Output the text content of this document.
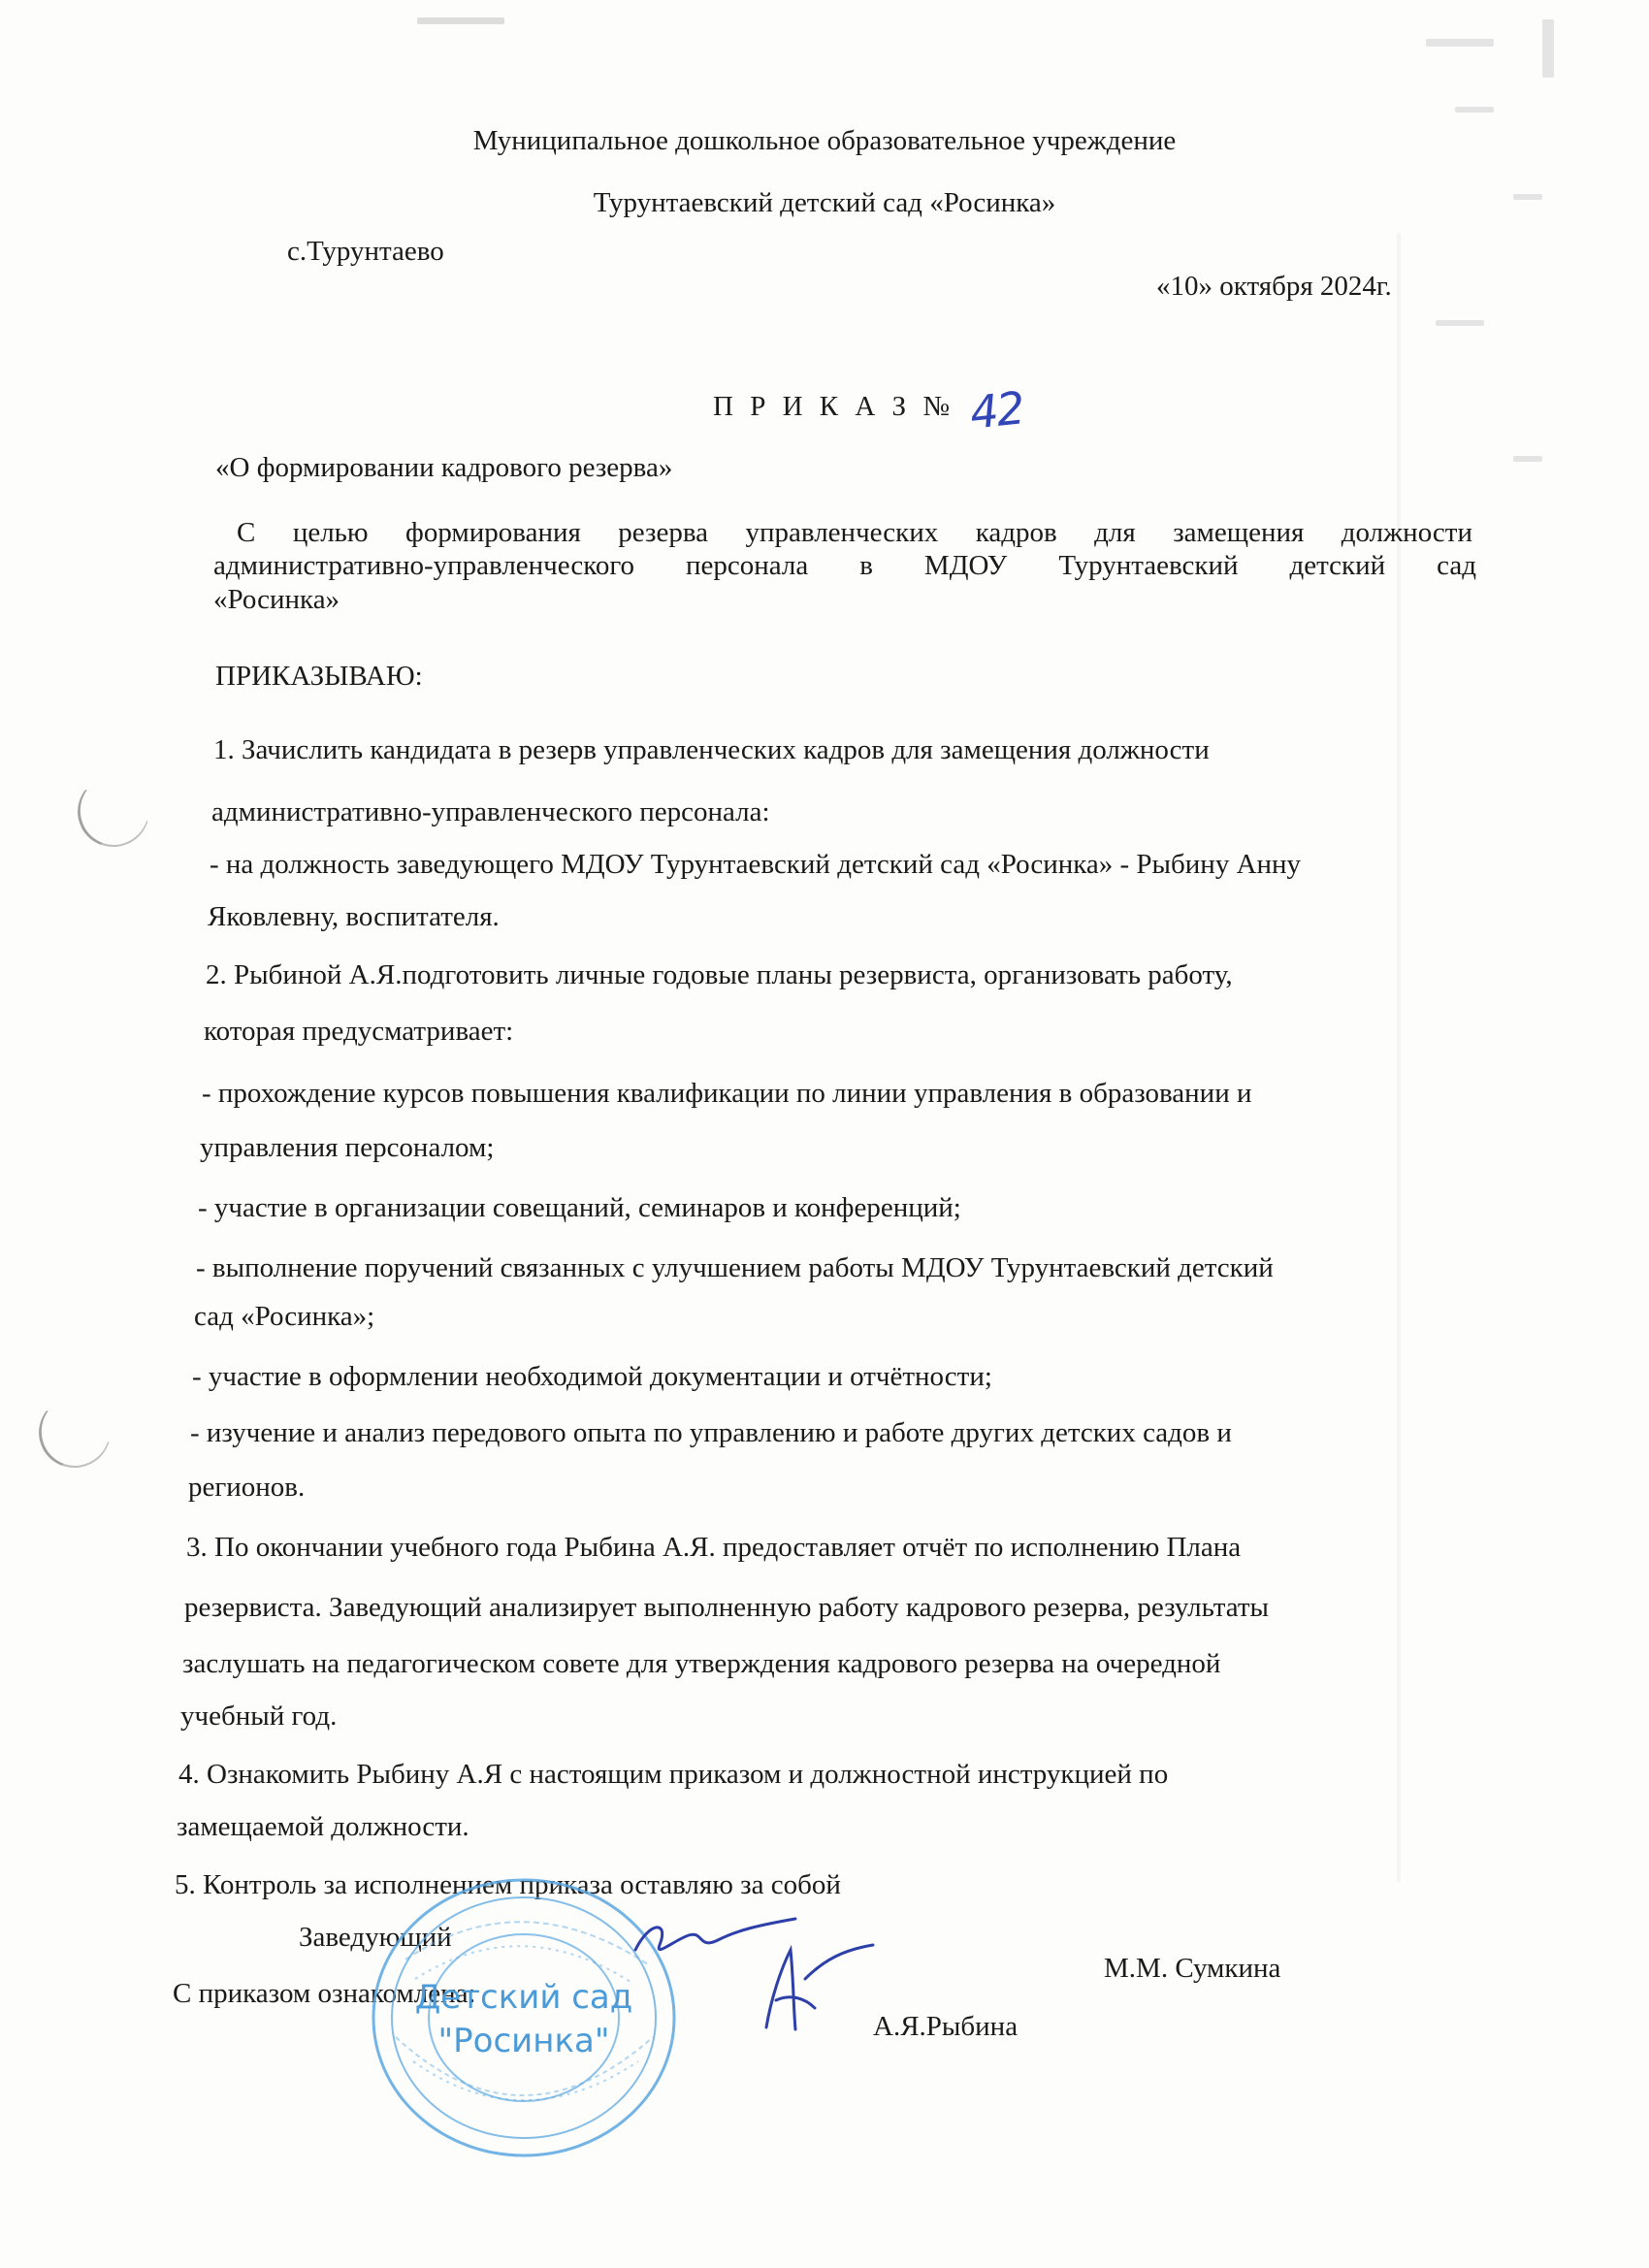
Муниципальное дошкольное образовательное учреждение
Турунтаевский детский сад «Росинка»
с.Турунтаево
«10» октября 2024г.
П Р И К А З № 42
«О формировании кадрового резерва»
С целью формирования резерва управленческих кадров для замещения должности
административно-управленческого персонала в МДОУ Турунтаевский детский сад
«Росинка»
ПРИКАЗЫВАЮ:
1. Зачислить кандидата в резерв управленческих кадров для замещения должности
административно-управленческого персонала:
- на должность заведующего МДОУ Турунтаевский детский сад «Росинка» - Рыбину Анну
Яковлевну, воспитателя.
2. Рыбиной А.Я.подготовить личные годовые планы резервиста, организовать работу,
которая предусматривает:
- прохождение курсов повышения квалификации по линии управления в образовании и
управления персоналом;
- участие в организации совещаний, семинаров и конференций;
- выполнение поручений связанных с улучшением работы МДОУ Турунтаевский детский
сад «Росинка»;
- участие в оформлении необходимой документации и отчётности;
- изучение и анализ передового опыта по управлению и работе других детских садов и
регионов.
3. По окончании учебного года Рыбина А.Я. предоставляет отчёт по исполнению Плана
резервиста. Заведующий анализирует выполненную работу кадрового резерва, результаты
заслушать на педагогическом совете для утверждения кадрового резерва на очередной
учебный год.
4. Ознакомить Рыбину А.Я с настоящим приказом и должностной инструкцией по
замещаемой должности.
5. Контроль за исполнением приказа оставляю за собой
Заведующий
М.М. Сумкина
С приказом ознакомлена:
А.Я.Рыбина
Детский сад
"Росинка"
